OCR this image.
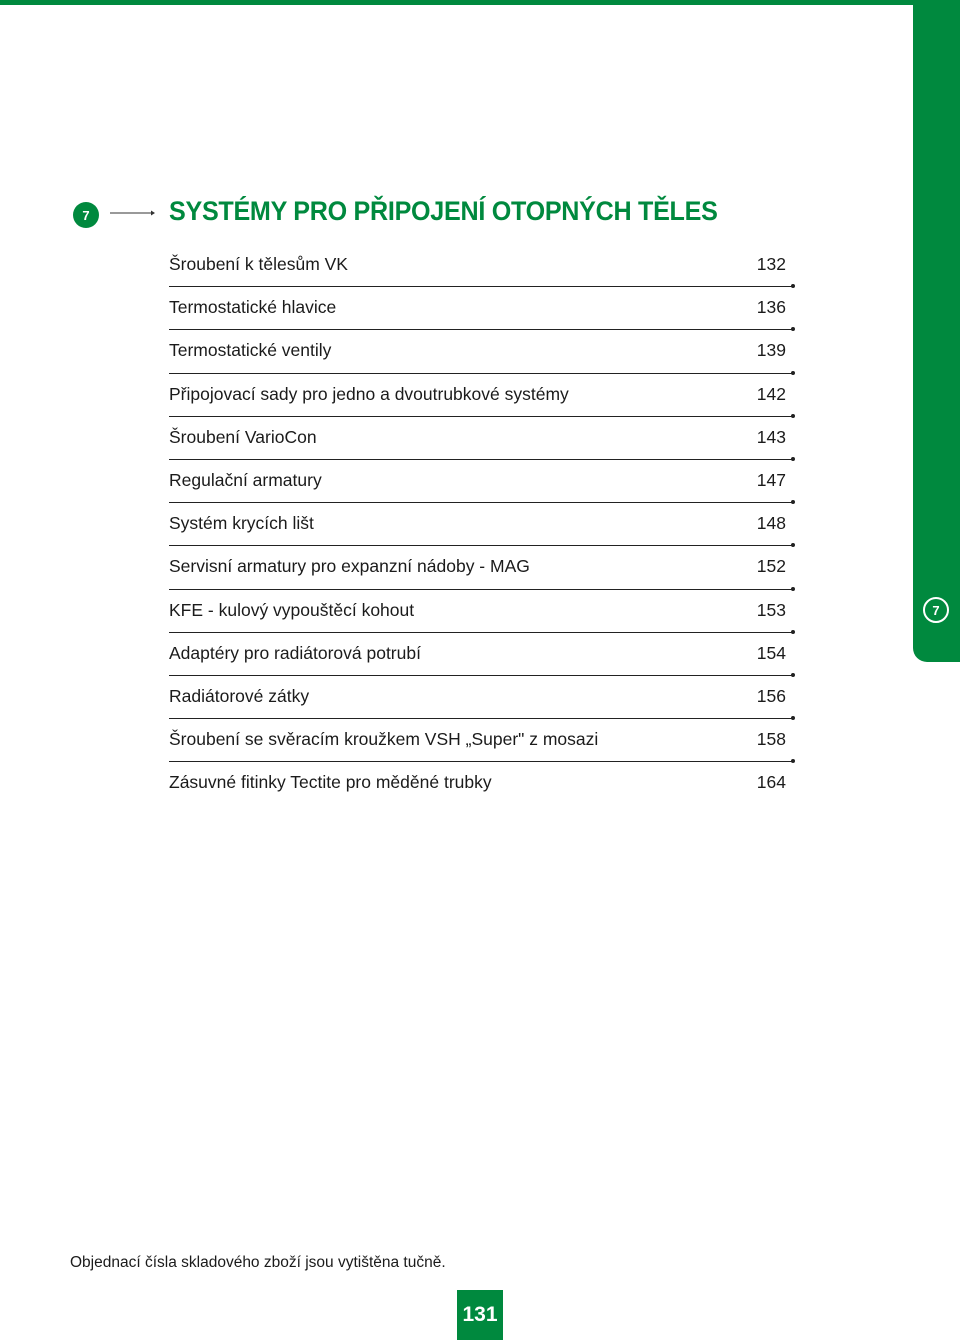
7
7	SYSTÉMY PRO PŘIPOJENÍ OTOPNÝCH TĚLES
Šroubení k tělesům VK	132
Termostatické hlavice	136
Termostatické ventily	139
Připojovací sady pro jedno a dvoutrubkové systémy	142
Šroubení VarioCon	143
Regulační armatury	147
Systém krycích lišt	148
Servisní armatury pro expanzní nádoby - MAG	152
KFE - kulový vypouštěcí kohout	153
Adaptéry pro radiátorová potrubí	154
Radiátorové zátky	156
Šroubení se svěracím kroužkem VSH „Super" z mosazi	158
Zásuvné fitinky Tectite pro měděné trubky	164
Objednací čísla skladového zboží jsou vytištěna tučně.
131
